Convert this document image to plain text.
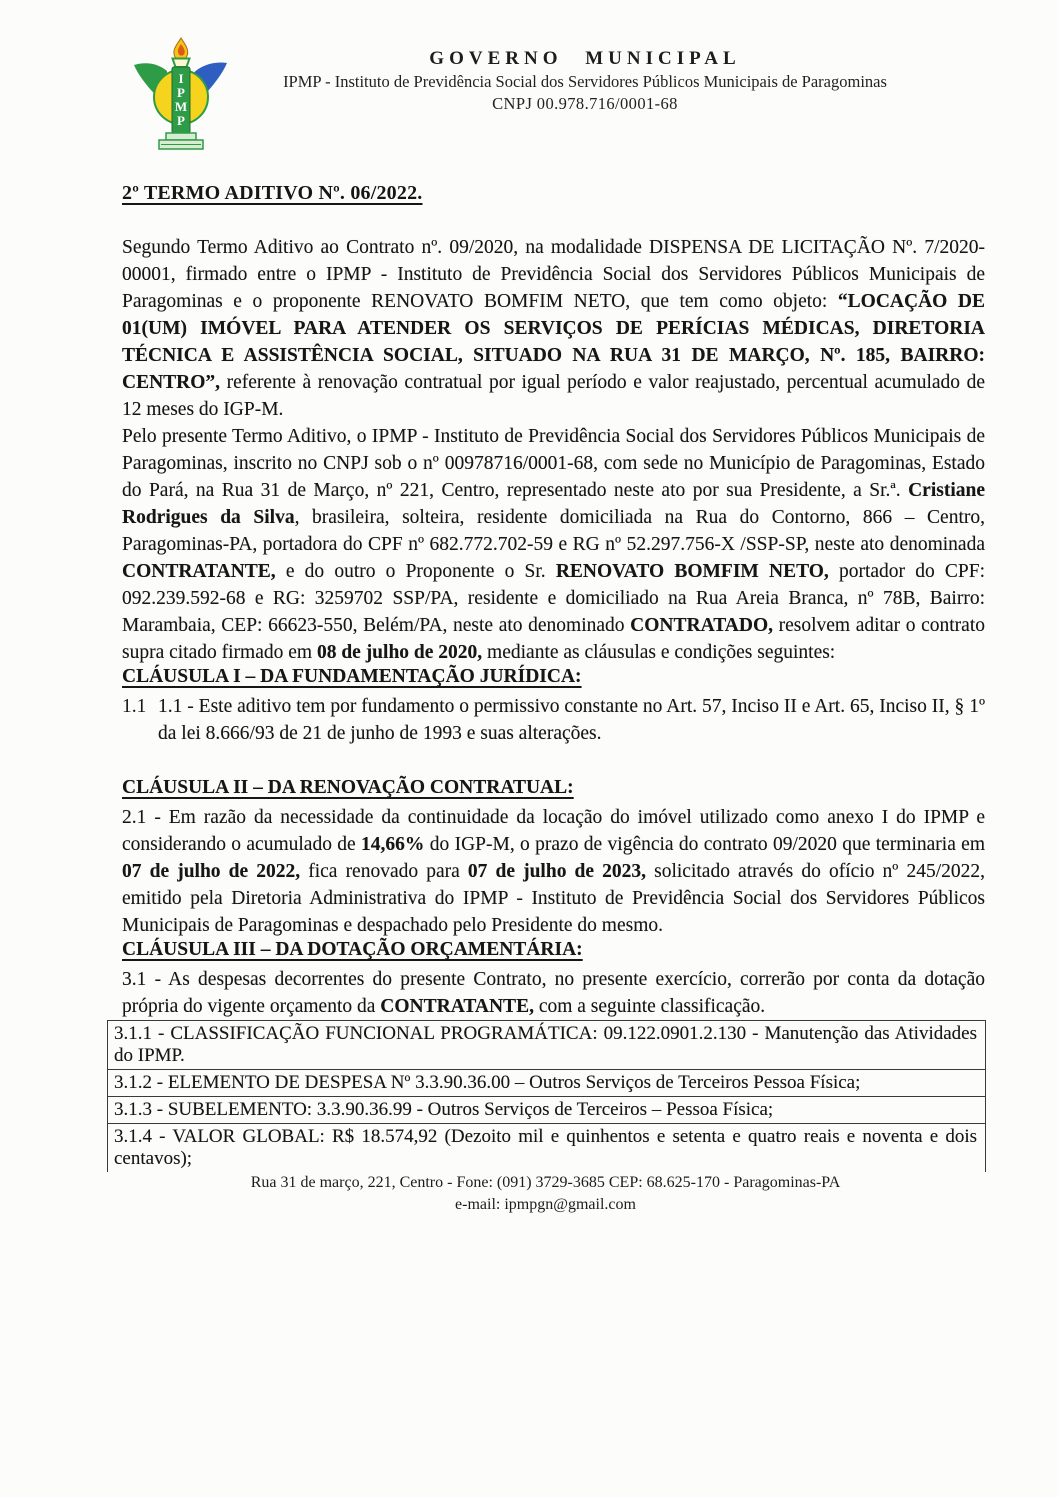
I
P
M
P
GOVERNO MUNICIPAL
IPMP - Instituto de Previdência Social dos Servidores Públicos Municipais de Paragominas
CNPJ 00.978.716/0001-68
2º TERMO ADITIVO Nº. 06/2022.

Segundo Termo Aditivo ao Contrato nº. 09/2020, na modalidade DISPENSA DE LICITAÇÃO Nº. 7/2020-00001, firmado entre o IPMP - Instituto de Previdência Social dos Servidores Públicos Municipais de Paragominas e o proponente RENOVATO BOMFIM NETO, que tem como objeto: “LOCAÇÃO DE 01(UM) IMÓVEL PARA ATENDER OS SERVIÇOS DE PERÍCIAS MÉDICAS, DIRETORIA TÉCNICA E ASSISTÊNCIA SOCIAL, SITUADO NA RUA 31 DE MARÇO, Nº. 185, BAIRRO: CENTRO”, referente à renovação contratual por igual período e valor reajustado, percentual acumulado de 12 meses do IGP-M.

Pelo presente Termo Aditivo, o IPMP - Instituto de Previdência Social dos Servidores Públicos Municipais de Paragominas, inscrito no CNPJ sob o nº 00978716/0001-68, com sede no Município de Paragominas, Estado do Pará, na Rua 31 de Março, nº 221, Centro, representado neste ato por sua Presidente, a Sr.ª. Cristiane Rodrigues da Silva, brasileira, solteira, residente domiciliada na Rua do Contorno, 866 – Centro, Paragominas-PA, portadora do CPF nº 682.772.702-59 e RG nº 52.297.756-X /SSP-SP, neste ato denominada CONTRATANTE, e do outro o Proponente o Sr. RENOVATO BOMFIM NETO, portador do CPF: 092.239.592-68 e RG: 3259702 SSP/PA, residente e domiciliado na Rua Areia Branca, nº 78B, Bairro: Marambaia, CEP: 66623-550, Belém/PA, neste ato denominado CONTRATADO, resolvem aditar o contrato supra citado firmado em 08 de julho de 2020, mediante as cláusulas e condições seguintes:

CLÁUSULA I – DA FUNDAMENTAÇÃO JURÍDICA:
1.1 1.1 - Este aditivo tem por fundamento o permissivo constante no Art. 57, Inciso II e Art. 65, Inciso II, § 1º da lei 8.666/93 de 21 de junho de 1993 e suas alterações.
CLÁUSULA II – DA RENOVAÇÃO CONTRATUAL:

2.1 - Em razão da necessidade da continuidade da locação do imóvel utilizado como anexo I do IPMP e considerando o acumulado de 14,66% do IGP-M, o prazo de vigência do contrato 09/2020 que terminaria em 07 de julho de 2022, fica renovado para 07 de julho de 2023, solicitado através do ofício nº 245/2022, emitido pela Diretoria Administrativa do IPMP - Instituto de Previdência Social dos Servidores Públicos Municipais de Paragominas e despachado pelo Presidente do mesmo.

CLÁUSULA III – DA DOTAÇÃO ORÇAMENTÁRIA:

3.1 - As despesas decorrentes do presente Contrato, no presente exercício, correrão por conta da dotação própria do vigente orçamento da CONTRATANTE, com a seguinte classificação.

3.1.1 - CLASSIFICAÇÃO FUNCIONAL PROGRAMÁTICA: 09.122.0901.2.130 - Manutenção das Atividades do IPMP.
3.1.2 - ELEMENTO DE DESPESA Nº 3.3.90.36.00 – Outros Serviços de Terceiros Pessoa Física;
3.1.3 - SUBELEMENTO: 3.3.90.36.99 - Outros Serviços de Terceiros – Pessoa Física;
3.1.4 - VALOR GLOBAL: R$ 18.574,92 (Dezoito mil e quinhentos e setenta e quatro reais e noventa e dois centavos);
Rua 31 de março, 221, Centro - Fone: (091) 3729-3685 CEP: 68.625-170 - Paragominas-PA
e-mail: ipmpgn@gmail.com
